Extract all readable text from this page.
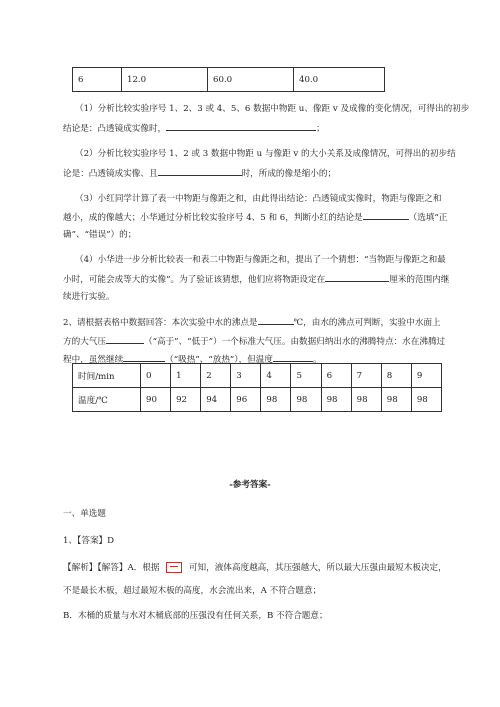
6	12.0	60.0	40.0
（1）分析比较实验序号 1、2、3 或 4、5、6 数据中物距 u、像距 v 及成像的变化情况，可得出的初步
结论是：凸透镜成实像时，	；
（2）分析比较实验序号 1、2 或 3 数据中物距 u 与像距 v 的大小关系及成像情况，可得出的初步结
论是：凸透镜成实像、且	时，所成的像是缩小的；
（3）小红同学计算了表一中物距与像距之和，由此得出结论：凸透镜成实像时，物距与像距之和
越小，成的像越大；小华通过分析比较实验序号 4、5 和 6，判断小红的结论是	（选填“正
确”、“错误”）的；
（4）小华进一步分析比较表一和表二中物距与像距之和，提出了一个猜想：“当物距与像距之和最
小时，可能会成等大的实像”。为了验证该猜想，他们应将物距设定在	厘米的范围内继
续进行实验。
2、请根据表格中数据回答：本次实验中水的沸点是	℃，由水的沸点可判断，实验中水面上
方的大气压	（“高于”、“低于”）一个标准大气压。由数据归纳出水的沸腾特点：水在沸腾过
程中，虽然继续	（“吸热”、“放热”），但温度	。
时间/min	0	1	2	3	4	5	6	7	8	9
温度/℃	90	92	94	96	98	98	98	98	98	98
-参考答案-
一、单选题
1、【答案】D
【解析】【解答】A．根据	可知，液体高度越高，其压强越大，所以最大压强由最短木板决定，
不是最长木板，超过最短木板的高度，水会流出来，A 不符合题意；
B．木桶的质量与水对木桶底部的压强没有任何关系，B 不符合题意；
